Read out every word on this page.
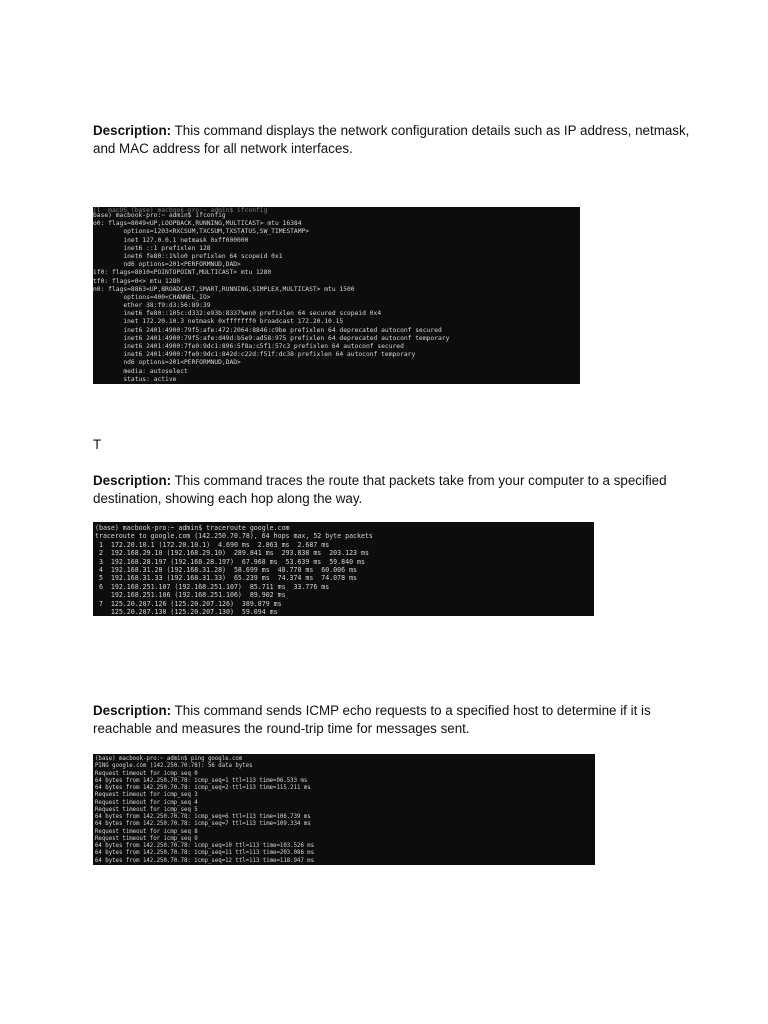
Description: This command displays the network configuration details such as IP address, netmask, and MAC address for all network interfaces.

(l  macOS (base) macbook-pro:~ admin$ ifconfig
base) macbook-pro:~ admin$ ifconfig
o0: flags=8049<UP,LOOPBACK,RUNNING,MULTICAST> mtu 16384
options=1203<RXCSUM,TXCSUM,TXSTATUS,SW_TIMESTAMP>
inet 127.0.0.1 netmask 0xff000000
inet6 ::1 prefixlen 128
inet6 fe80::1%lo0 prefixlen 64 scopeid 0x1
nd6 options=201<PERFORMNUD,DAD>
if0: flags=8010<POINTOPOINT,MULTICAST> mtu 1280
tf0: flags=0<> mtu 1280
n0: flags=8863<UP,BROADCAST,SMART,RUNNING,SIMPLEX,MULTICAST> mtu 1500
options=400<CHANNEL_IO>
ether 38:f9:d3:56:89:39
inet6 fe80::105c:d332:e93b:8337%en0 prefixlen 64 secured scopeid 0x4
inet 172.20.10.3 netmask 0xfffffff0 broadcast 172.20.10.15
inet6 2401:4900:79f5:afe:472:2064:8846:c9be prefixlen 64 deprecated autoconf secured
inet6 2401:4900:79f5:afe:d49d:b5e9:ad58:975 prefixlen 64 deprecated autoconf temporary
inet6 2401:4900:7fe0:9dc1:896:5f8a:c5f1:57c3 prefixlen 64 autoconf secured
inet6 2401:4900:7fe0:9dc1:842d:c22d:f51f:dc38 prefixlen 64 autoconf temporary
nd6 options=201<PERFORMNUD,DAD>
media: autoselect
status: active
T

Description: This command traces the route that packets take from your computer to a specified destination, showing each hop along the way.

(base) macbook-pro:~ admin$ traceroute google.com
traceroute to google.com (142.250.70.78), 64 hops max, 52 byte packets
1  172.20.10.1 (172.20.10.1)  4.690 ms  2.863 ms  2.687 ms
2  192.168.29.10 (192.168.29.10)  289.841 ms  293.838 ms  203.123 ms
3  192.168.28.197 (192.168.28.197)  67.968 ms  53.639 ms  59.840 ms
4  192.168.31.28 (192.168.31.28)  58.699 ms  48.770 ms  60.006 ms
5  192.168.31.33 (192.168.31.33)  65.239 ms  74.374 ms  74.078 ms
6  192.168.251.107 (192.168.251.107)  85.711 ms  33.776 ms
192.168.251.106 (192.168.251.106)  89.902 ms
7  125.20.207.126 (125.20.207.126)  389.879 ms
125.20.207.130 (125.20.207.130)  59.094 ms

Description: This command sends ICMP echo requests to a specified host to determine if it is reachable and measures the round-trip time for messages sent.

(base) macbook-pro:~ admin$ ping google.com
PING google.com (142.250.70.78): 56 data bytes
Request timeout for icmp_seq 0
64 bytes from 142.250.70.78: icmp_seq=1 ttl=113 time=96.533 ms
64 bytes from 142.250.70.78: icmp_seq=2 ttl=113 time=115.211 ms
Request timeout for icmp_seq 3
Request timeout for icmp_seq 4
Request timeout for icmp_seq 5
64 bytes from 142.250.70.78: icmp_seq=6 ttl=113 time=106.739 ms
64 bytes from 142.250.70.78: icmp_seq=7 ttl=113 time=109.334 ms
Request timeout for icmp_seq 8
Request timeout for icmp_seq 9
64 bytes from 142.250.70.78: icmp_seq=10 ttl=113 time=103.526 ms
64 bytes from 142.250.70.78: icmp_seq=11 ttl=113 time=203.086 ms
64 bytes from 142.250.70.78: icmp_seq=12 ttl=113 time=118.947 ms
